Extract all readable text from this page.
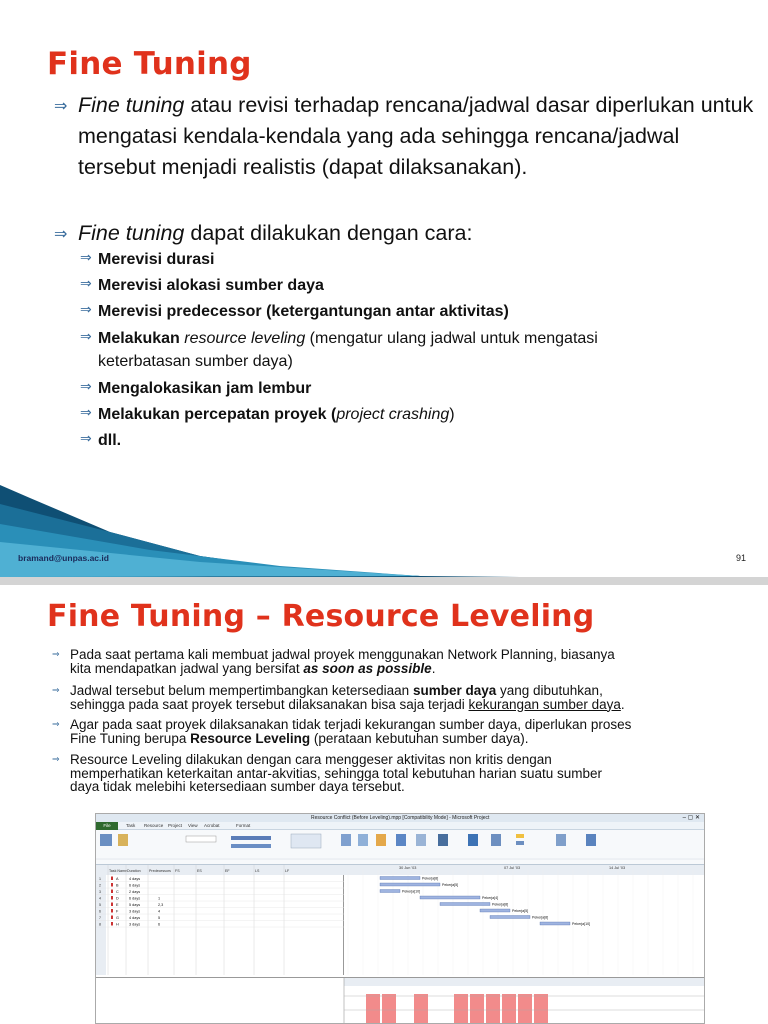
Fine Tuning
⇒ Fine tuning atau revisi terhadap rencana/jadwal dasar diperlukan untuk mengatasi kendala-kendala yang ada sehingga rencana/jadwal tersebut menjadi realistis (dapat dilaksanakan).
⇒ Fine tuning dapat dilakukan dengan cara:
⇒ Merevisi durasi
⇒ Merevisi alokasi sumber daya
⇒ Merevisi predecessor (ketergantungan antar aktivitas)
⇒ Melakukan resource leveling (mengatur ulang jadwal untuk mengatasi
keterbatasan sumber daya)
⇒ Mengalokasikan jam lembur
⇒ Melakukan percepatan proyek (project crashing)
⇒ dll.
bramand@unpas.ac.id	91
Fine Tuning – Resource Leveling
⇒ Pada saat pertama kali membuat jadwal proyek menggunakan Network Planning, biasanya
kita mendapatkan jadwal yang bersifat as soon as possible.
⇒ Jadwal tersebut belum mempertimbangkan ketersediaan sumber daya yang dibutuhkan,
sehingga pada saat proyek tersebut dilaksanakan bisa saja terjadi kekurangan sumber daya.
⇒ Agar pada saat proyek dilaksanakan tidak terjadi kekurangan sumber daya, diperlukan proses
Fine Tuning berupa Resource Leveling (perataan kebutuhan sumber daya).
⇒ Resource Leveling dilakukan dengan cara menggeser aktivitas non kritis dengan
memperhatikan keterkaitan antar-akvitias, sehingga total kebutuhan harian suatu sumber
daya tidak melebihi ketersediaan sumber daya tersebut.
Resource Conflict (Before Leveling).mpp [Compatibility Mode] - Microsoft Project	– ▢ ✕
Task Resource Project View Acrobat	Format
File
Task Name Duration Predecessors FS	ES	EF	LS	LF
1	A	4 days
2	B	6 days
3	C	2 days
4	D	6 days	1
5	E	5 days	2,3
6	F	3 days	4
7	G	4 days	5
8	H	3 days	6
30 Jun '03	07 Jul '03	14 Jul '03
Pekerja[8]
Pekerja[5]
Pekerja[10]
Pekerja[4]
Pekerja[8]
Pekerja[5]
Pekerja[8]
Pekerja[10]
